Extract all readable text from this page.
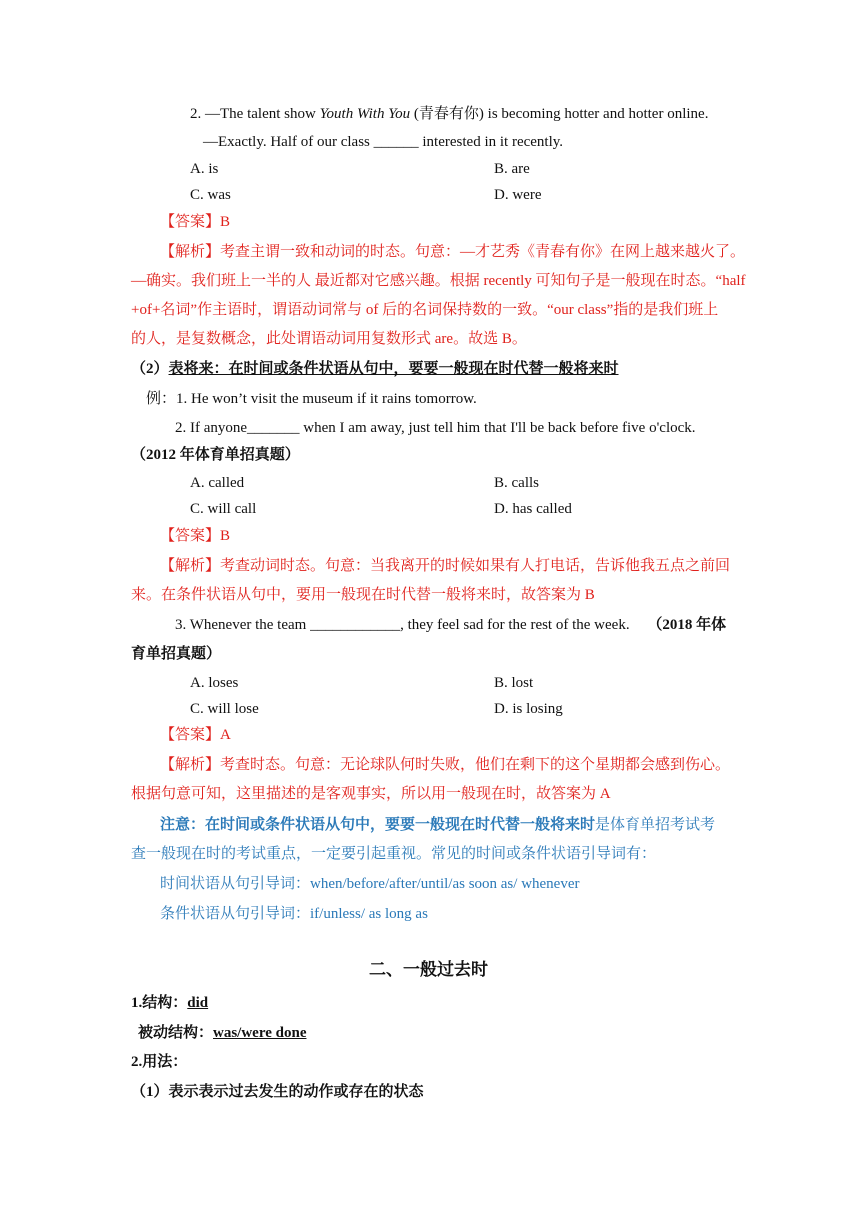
2. —The talent show Youth With You (青春有你) is becoming hotter and hotter online.
—Exactly. Half of our class ______ interested in it recently.
A. is	B. are
C. was	D. were
【答案】B
【解析】考查主谓一致和动词的时态。句意：—才艺秀《青春有你》在网上越来越火了。
—确实。我们班上一半的人 最近都对它感兴趣。根据 recently 可知句子是一般现在时态。“half
+of+名词”作主语时，谓语动词常与 of 后的名词保持数的一致。“our class”指的是我们班上
的人，是复数概念，此处谓语动词用复数形式 are。故选 B。
（2）表将来：在时间或条件状语从句中，要要一般现在时代替一般将来时
例：1. He won’t visit the museum if it rains tomorrow.
2. If anyone_______ when I am away, just tell him that I'll be back before five o'clock.
（2012 年体育单招真题）
A. called	B. calls
C. will call	D. has called
【答案】B
【解析】考查动词时态。句意：当我离开的时候如果有人打电话，告诉他我五点之前回
来。在条件状语从句中，要用一般现在时代替一般将来时，故答案为 B
3. Whenever the team ____________, they feel sad for the rest of the week. （2018 年体
育单招真题）
A. loses	B. lost
C. will lose	D. is losing
【答案】A
【解析】考查时态。句意：无论球队何时失败，他们在剩下的这个星期都会感到伤心。
根据句意可知，这里描述的是客观事实，所以用一般现在时，故答案为 A
注意：在时间或条件状语从句中，要要一般现在时代替一般将来时是体育单招考试考
查一般现在时的考试重点，一定要引起重视。常见的时间或条件状语引导词有：
时间状语从句引导词：when/before/after/until/as soon as/ whenever
条件状语从句引导词：if/unless/ as long as
二、一般过去时
1.结构：did
被动结构：was/were done
2.用法：
（1）表示表示过去发生的动作或存在的状态
